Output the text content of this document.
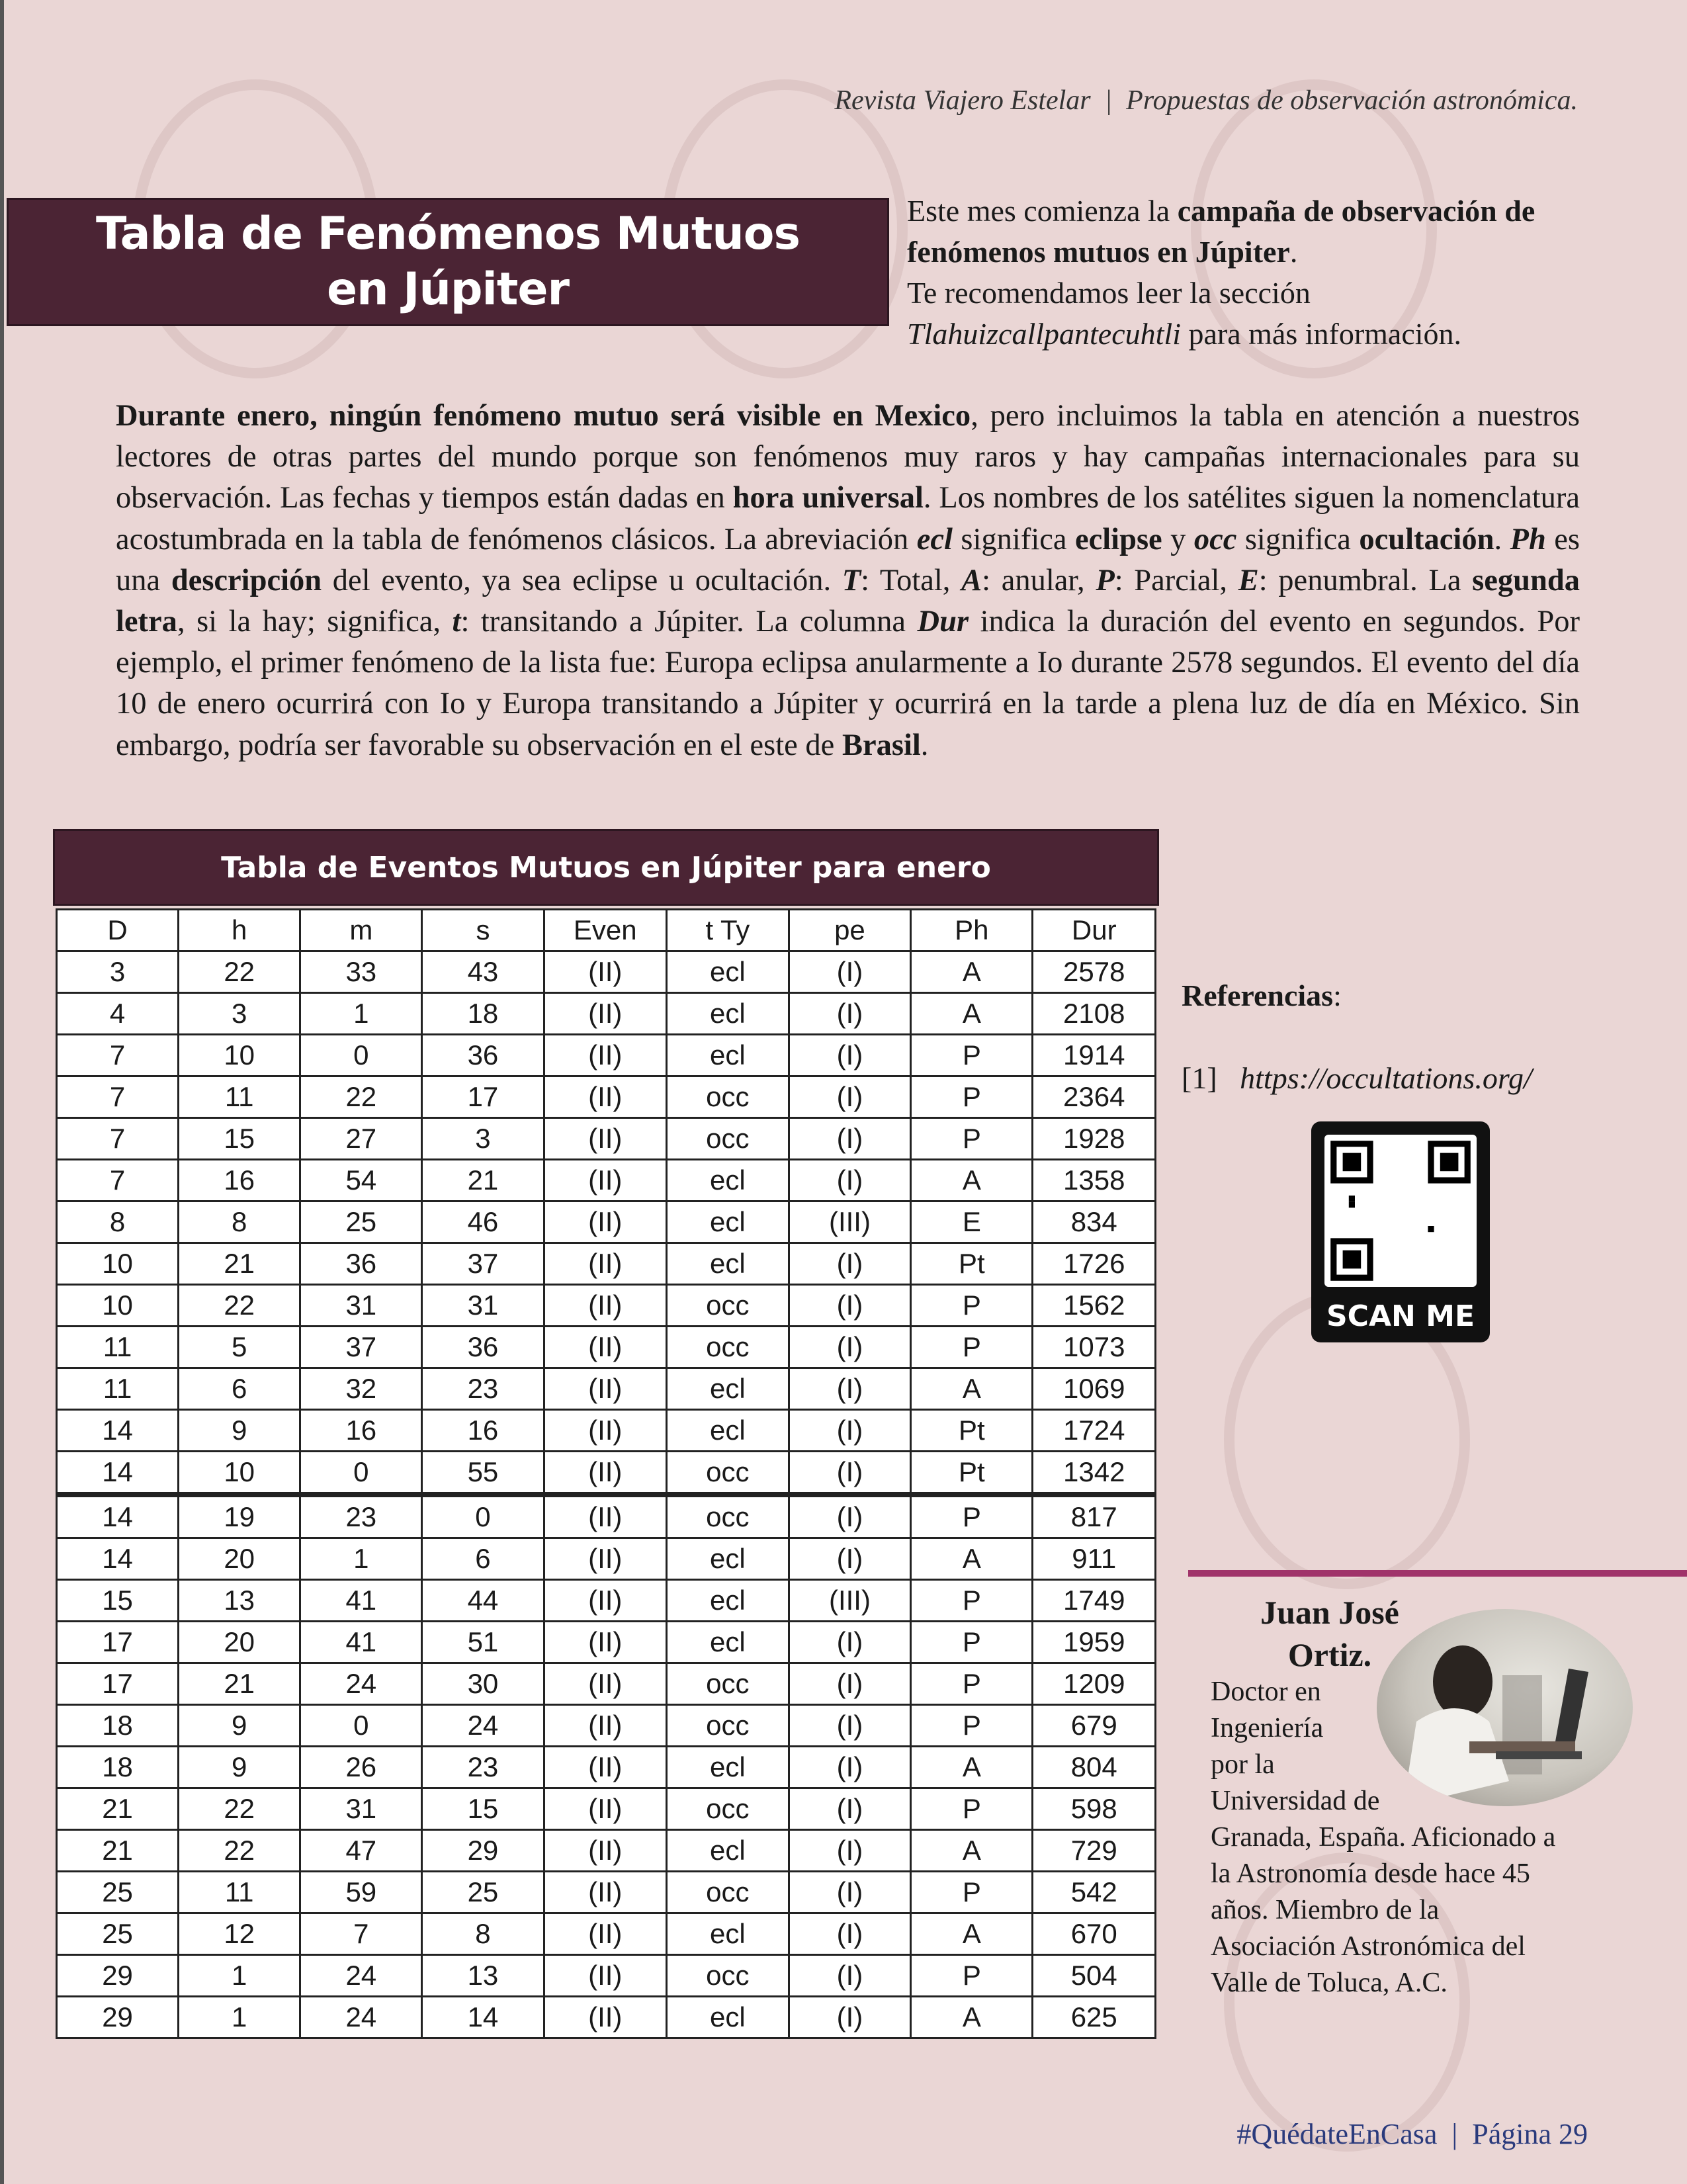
Revista Viajero Estelar  |  Propuestas de observación astronómica.
Tabla de Fenómenos Mutuos
en Júpiter
Este mes comienza la campaña de observación de fenómenos mutuos en Júpiter.
Te recomendamos leer la sección Tlahuizcallpantecuhtli para más información.
Durante enero, ningún fenómeno mutuo será visible en Mexico, pero incluimos la tabla en atención a nuestros lectores de otras partes del mundo porque son fenómenos muy raros y hay campañas internacionales para su observación. Las fechas y tiempos están dadas en hora universal. Los nombres de los satélites siguen la nomenclatura acostumbrada en la tabla de fenómenos clásicos. La abreviación ecl significa eclipse y occ significa ocultación. Ph es una descripción del evento, ya sea eclipse u ocultación. T: Total, A: anular, P: Parcial, E: penumbral. La segunda letra, si la hay; significa, t: transitando a Júpiter. La columna Dur indica la duración del evento en segundos. Por ejemplo, el primer fenómeno de la lista fue: Europa eclipsa anularmente a Io durante 2578 segundos. El evento del día 10 de enero ocurrirá con Io y Europa transitando a Júpiter y ocurrirá en la tarde a plena luz de día en México. Sin embargo, podría ser favorable su observación en el este de Brasil.
Tabla de Eventos Mutuos en Júpiter para enero
D	h	m	s	Even	t Ty	pe	Ph	Dur
3	22	33	43	(II)	ecl	(I)	A	2578
4	3	1	18	(II)	ecl	(I)	A	2108
7	10	0	36	(II)	ecl	(I)	P	1914
7	11	22	17	(II)	occ	(I)	P	2364
7	15	27	3	(II)	occ	(I)	P	1928
7	16	54	21	(II)	ecl	(I)	A	1358
8	8	25	46	(II)	ecl	(III)	E	834
10	21	36	37	(II)	ecl	(I)	Pt	1726
10	22	31	31	(II)	occ	(I)	P	1562
11	5	37	36	(II)	occ	(I)	P	1073
11	6	32	23	(II)	ecl	(I)	A	1069
14	9	16	16	(II)	ecl	(I)	Pt	1724
14	10	0	55	(II)	occ	(I)	Pt	1342
14	19	23	0	(II)	occ	(I)	P	817
14	20	1	6	(II)	ecl	(I)	A	911
15	13	41	44	(II)	ecl	(III)	P	1749
17	20	41	51	(II)	ecl	(I)	P	1959
17	21	24	30	(II)	occ	(I)	P	1209
18	9	0	24	(II)	occ	(I)	P	679
18	9	26	23	(II)	ecl	(I)	A	804
21	22	31	15	(II)	occ	(I)	P	598
21	22	47	29	(II)	ecl	(I)	A	729
25	11	59	25	(II)	occ	(I)	P	542
25	12	7	8	(II)	ecl	(I)	A	670
29	1	24	13	(II)	occ	(I)	P	504
29	1	24	14	(II)	ecl	(I)	A	625
Referencias:
[1] https://occultations.org/
SCAN ME
Juan José
Ortiz.
Doctor en
Ingeniería
por la
Universidad de
Granada, España. Aficionado a
la Astronomía desde hace 45
años. Miembro de la
Asociación Astronómica del
Valle de Toluca, A.C.
#QuédateEnCasa  |  Página 29
